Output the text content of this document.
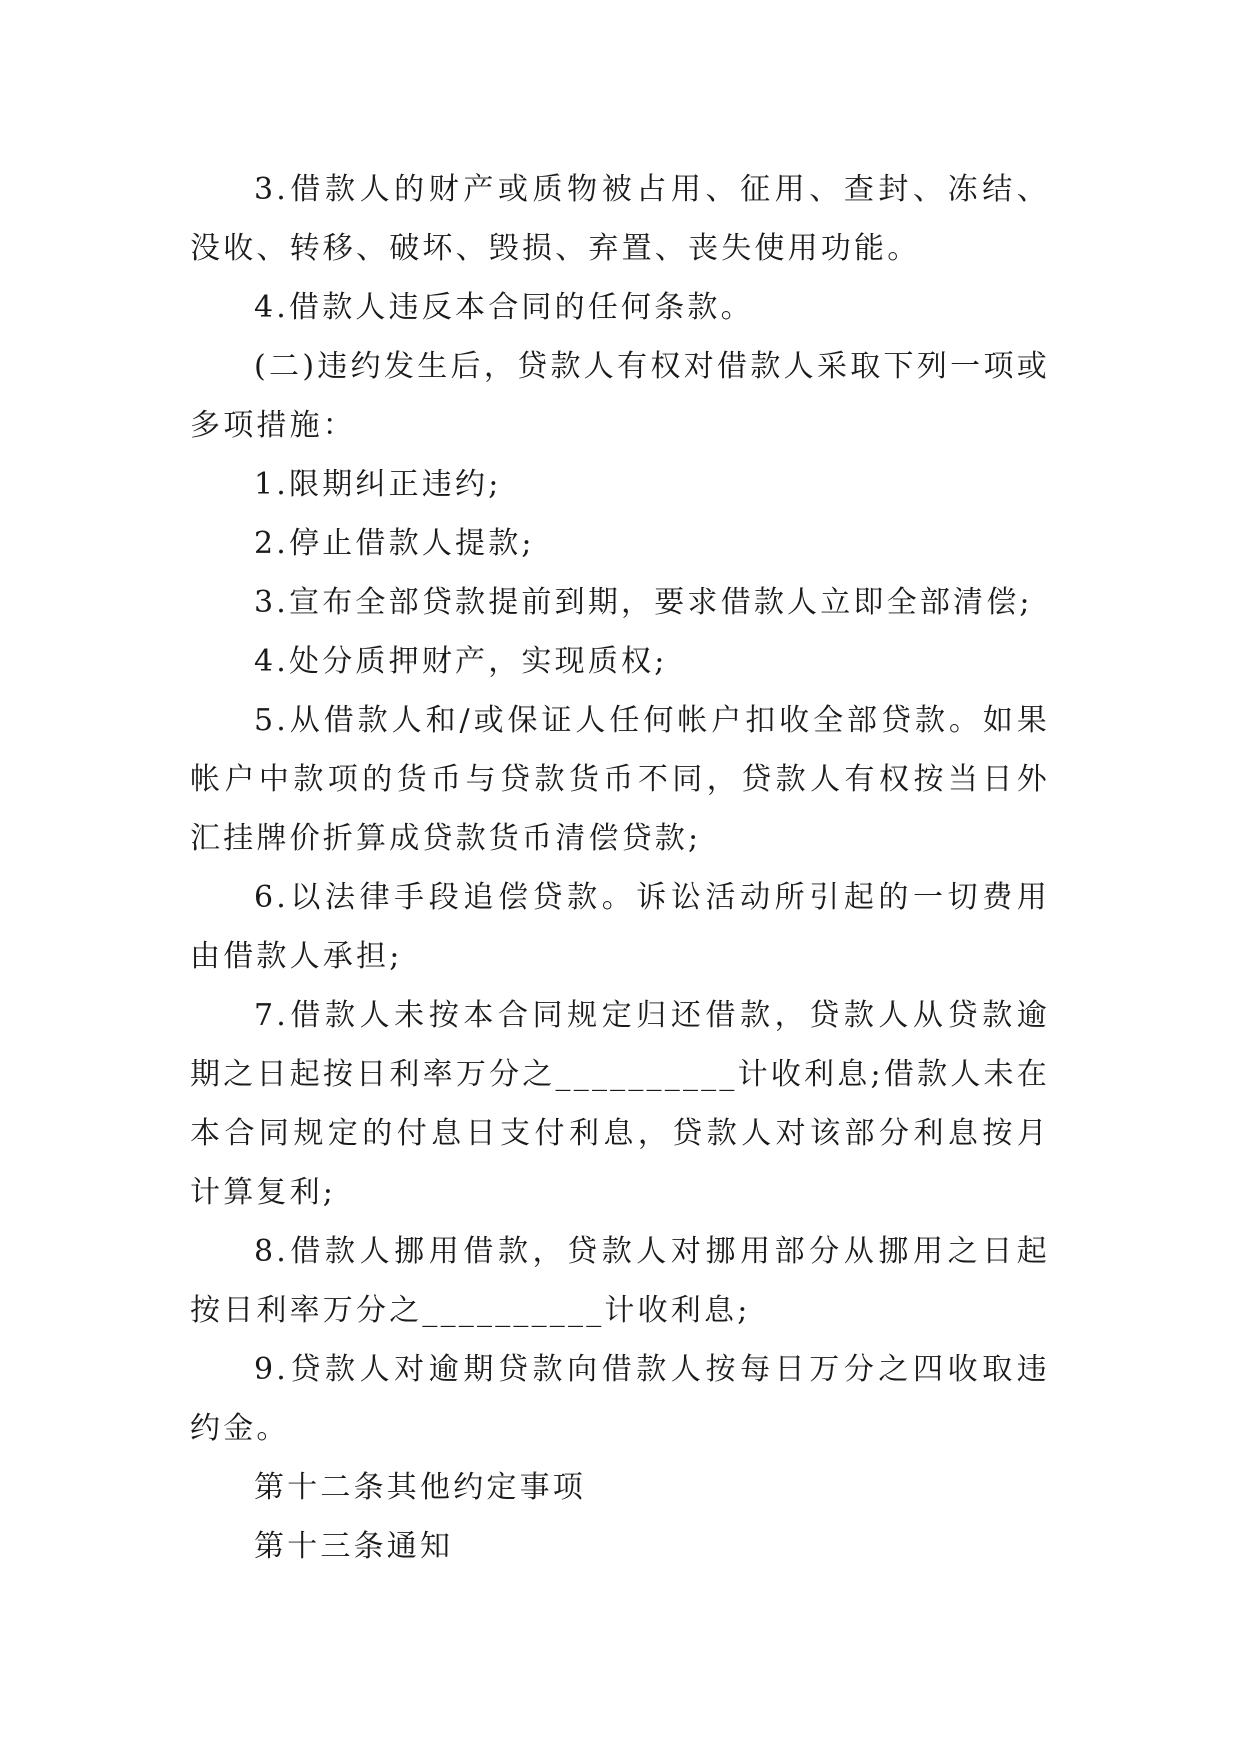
3.借款人的财产或质物被占用、征用、查封、冻结、没收、转移、破坏、毁损、弃置、丧失使用功能。

4.借款人违反本合同的任何条款。

(二)违约发生后，贷款人有权对借款人采取下列一项或多项措施：

1.限期纠正违约;

2.停止借款人提款;

3.宣布全部贷款提前到期，要求借款人立即全部清偿;

4.处分质押财产，实现质权;

5.从借款人和/或保证人任何帐户扣收全部贷款。如果帐户中款项的货币与贷款货币不同，贷款人有权按当日外汇挂牌价折算成贷款货币清偿贷款;

6.以法律手段追偿贷款。诉讼活动所引起的一切费用由借款人承担;

7.借款人未按本合同规定归还借款，贷款人从贷款逾期之日起按日利率万分之__________计收利息;借款人未在本合同规定的付息日支付利息，贷款人对该部分利息按月计算复利;

8.借款人挪用借款，贷款人对挪用部分从挪用之日起按日利率万分之__________计收利息;

9.贷款人对逾期贷款向借款人按每日万分之四收取违约金。

第十二条其他约定事项

第十三条通知
